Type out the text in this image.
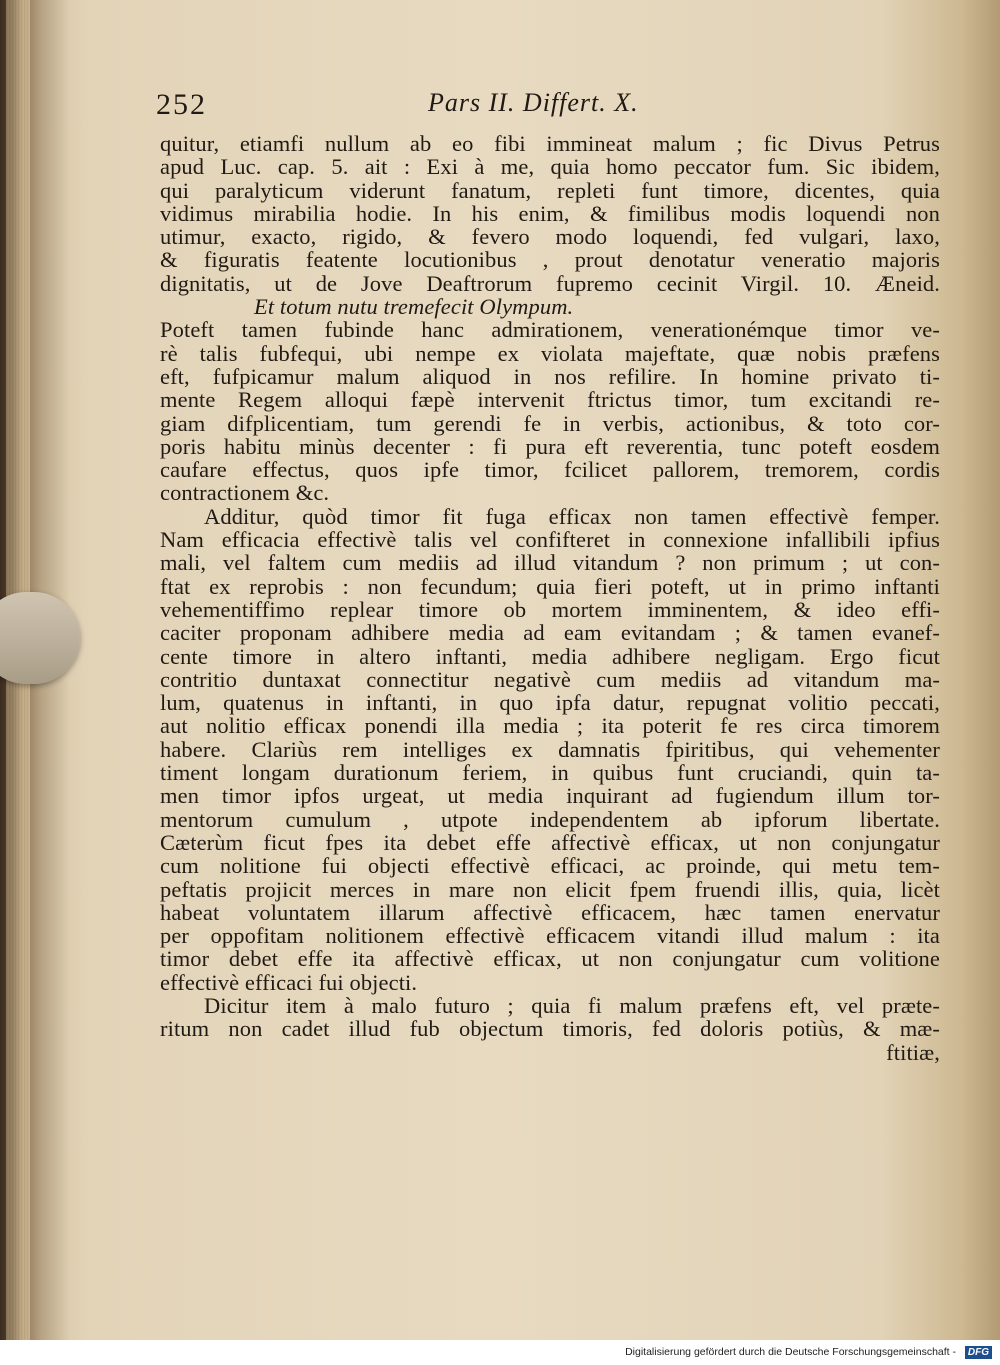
252	Pars II. Differt. X.
quitur, etiamfi nullum ab eo fibi immineat malum ; fic Divus Petrus
apud Luc. cap. 5. ait : Exi à me, quia homo peccator fum. Sic ibidem,
qui paralyticum viderunt fanatum, repleti funt timore, dicentes, quia
vidimus mirabilia hodie. In his enim, & fimilibus modis loquendi non
utimur, exacto, rigido, & fevero modo loquendi, fed vulgari, laxo,
& figuratis featente locutionibus , prout denotatur veneratio majoris
dignitatis, ut de Jove Deaftrorum fupremo cecinit Virgil. 10. Æneid.
Et totum nutu tremefecit Olympum.
Poteft tamen fubinde hanc admirationem, venerationémque timor ve-
rè talis fubfequi, ubi nempe ex violata majeftate, quæ nobis præfens
eft, fufpicamur malum aliquod in nos refilire. In homine privato ti-
mente Regem alloqui fæpè intervenit ftrictus timor, tum excitandi re-
giam difplicentiam, tum gerendi fe in verbis, actionibus, & toto cor-
poris habitu minùs decenter : fi pura eft reverentia, tunc poteft eosdem
caufare effectus, quos ipfe timor, fcilicet pallorem, tremorem, cordis
contractionem &c.
Additur, quòd timor fit fuga efficax non tamen effectivè femper.
Nam efficacia effectivè talis vel confifteret in connexione infallibili ipfius
mali, vel faltem cum mediis ad illud vitandum ? non primum ; ut con-
ftat ex reprobis : non fecundum; quia fieri poteft, ut in primo inftanti
vehementiffimo replear timore ob mortem imminentem, & ideo effi-
caciter proponam adhibere media ad eam evitandam ; & tamen evanef-
cente timore in altero inftanti, media adhibere negligam. Ergo ficut
contritio duntaxat connectitur negativè cum mediis ad vitandum ma-
lum, quatenus in inftanti, in quo ipfa datur, repugnat volitio peccati,
aut nolitio efficax ponendi illa media ; ita poterit fe res circa timorem
habere. Clariùs rem intelliges ex damnatis fpiritibus, qui vehementer
timent longam durationum feriem, in quibus funt cruciandi, quin ta-
men timor ipfos urgeat, ut media inquirant ad fugiendum illum tor-
mentorum cumulum , utpote independentem ab ipforum libertate.
Cæterùm ficut fpes ita debet effe affectivè efficax, ut non conjungatur
cum nolitione fui objecti effectivè efficaci, ac proinde, qui metu tem-
peftatis projicit merces in mare non elicit fpem fruendi illis, quia, licèt
habeat voluntatem illarum affectivè efficacem, hæc tamen enervatur
per oppofitam nolitionem effectivè efficacem vitandi illud malum : ita
timor debet effe ita affectivè efficax, ut non conjungatur cum volitione
effectivè efficaci fui objecti.
Dicitur item à malo futuro ; quia fi malum præfens eft, vel præte-
ritum non cadet illud fub objectum timoris, fed doloris potiùs, & mæ-
ftitiæ,
Digitalisierung gefördert durch die Deutsche Forschungsgemeinschaft -	DFG
